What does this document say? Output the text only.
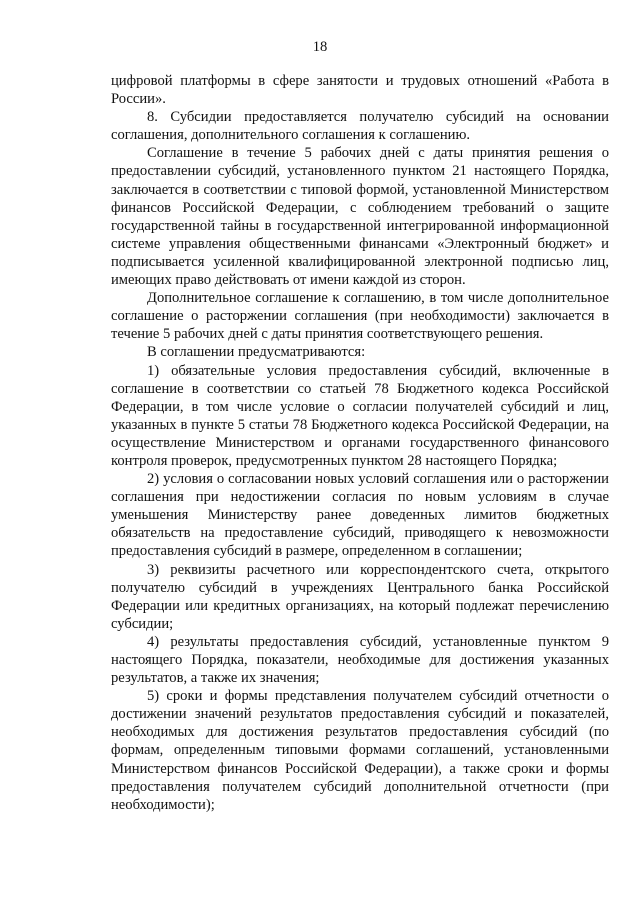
18

цифровой платформы в сфере занятости и трудовых отношений «Работа в России».

8. Субсидии предоставляется получателю субсидий на основании соглашения, дополнительного соглашения к соглашению.

Соглашение в течение 5 рабочих дней с даты принятия решения о предоставлении субсидий, установленного пунктом 21 настоящего Порядка, заключается в соответствии с типовой формой, установленной Министерством финансов Российской Федерации, с соблюдением требований о защите государственной тайны в государственной интегрированной информационной системе управления общественными финансами «Электронный бюджет» и подписывается усиленной квалифицированной электронной подписью лиц, имеющих право действовать от имени каждой из сторон.

Дополнительное соглашение к соглашению, в том числе дополнительное соглашение о расторжении соглашения (при необходимости) заключается в течение 5 рабочих дней с даты принятия соответствующего решения.

В соглашении предусматриваются:

1) обязательные условия предоставления субсидий, включенные в соглашение в соответствии со статьей 78 Бюджетного кодекса Российской Федерации, в том числе условие о согласии получателей субсидий и лиц, указанных в пункте 5 статьи 78 Бюджетного кодекса Российской Федерации, на осуществление Министерством и органами государственного финансового контроля проверок, предусмотренных пунктом 28 настоящего Порядка;

2) условия о согласовании новых условий соглашения или о расторжении соглашения при недостижении согласия по новым условиям в случае уменьшения Министерству ранее доведенных лимитов бюджетных обязательств на предоставление субсидий, приводящего к невозможности предоставления субсидий в размере, определенном в соглашении;

3) реквизиты расчетного или корреспондентского счета, открытого получателю субсидий в учреждениях Центрального банка Российской Федерации или кредитных организациях, на который подлежат перечислению субсидии;

4) результаты предоставления субсидий, установленные пунктом 9 настоящего Порядка, показатели, необходимые для достижения указанных результатов, а также их значения;

5) сроки и формы представления получателем субсидий отчетности о достижении значений результатов предоставления субсидий и показателей, необходимых для достижения результатов предоставления субсидий (по формам, определенным типовыми формами соглашений, установленными Министерством финансов Российской Федерации), а также сроки и формы предоставления получателем субсидий дополнительной отчетности (при необходимости);
